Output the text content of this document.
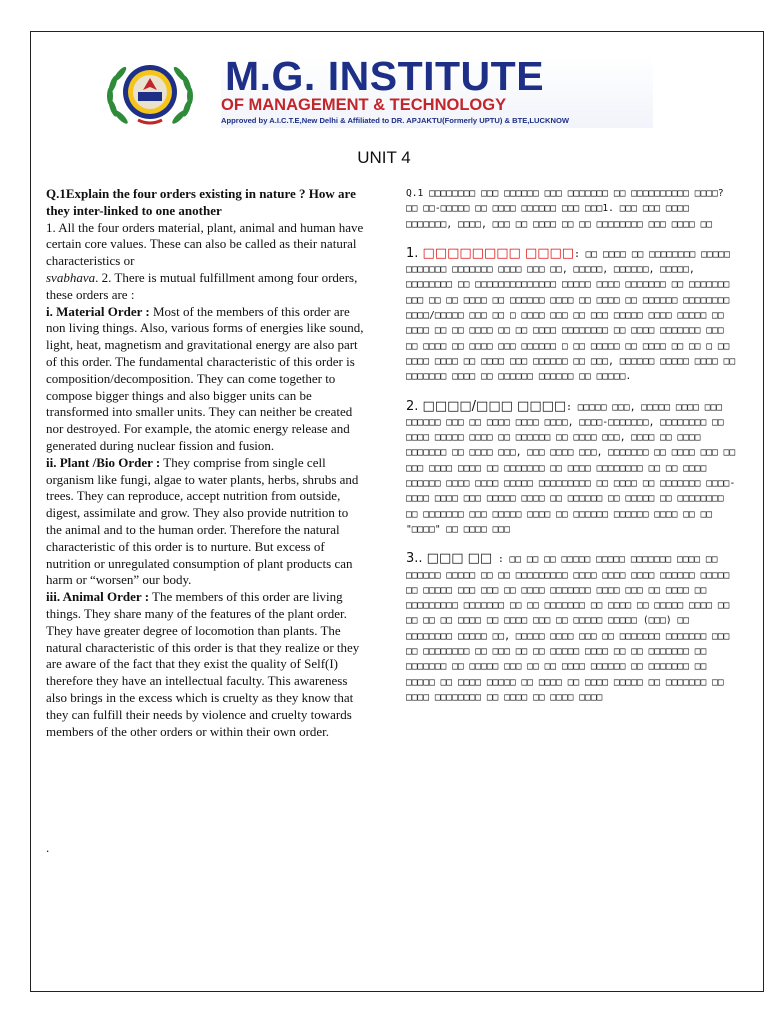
M.G. INSTITUTE
OF MANAGEMENT & TECHNOLOGY
Approved by A.I.C.T.E,New Delhi & Affiliated to DR. APJAKTU(Formerly UPTU) & BTE,LUCKNOW
UNIT 4

Q.1Explain the four orders existing in nature ? How are they inter-linked to one another

1. All the four orders material, plant, animal and human have certain core values. These can also be called as their natural characteristics or
svabhava. 2. There is mutual fulfillment among four orders, these orders are :

i. Material Order : Most of the members of this order are non living things. Also, various forms of energies like sound, light, heat, magnetism and gravitational energy are also part of this order. The fundamental characteristic of this order is composition/decomposition. They can come together to compose bigger things and also bigger units can be transformed into smaller units. They can neither be created nor destroyed. For example, the atomic energy release and generated during nuclear fission and fusion.

ii. Plant /Bio Order : They comprise from single cell organism like fungi, algae to water plants, herbs, shrubs and trees. They can reproduce, accept nutrition from outside, digest, assimilate and grow. They also provide nutrition to the animal and to the human order. Therefore the natural characteristic of this order is to nurture. But excess of nutrition or unregulated consumption of plant products can harm or “worsen” our body.

iii. Animal Order : The members of this order are living things. They share many of the features of the plant order. They have greater degree of locomotion than plants. The natural characteristic of this order is that they realize or they are aware of the fact that they exist the quality of Self(I) therefore they have an intellectual faculty. This awareness also brings in the excess which is cruelty as they know that they can fulfill their needs by violence and cruelty towards members of the other orders or within their own order.

.

Q.1 □□□□□□□□ □□□ □□□□□□ □□□ □□□□□□□ □□ □□□□□□□□□□ □□□□? □□ □□-□□□□□ □□ □□□□ □□□□□□ □□□ □□□1. □□□ □□□ □□□□ □□□□□□□, □□□□, □□□ □□ □□□□ □□ □□ □□□□□□□□ □□□ □□□□ □□

1. □□□□□□□□ □□□□: □□ □□□□ □□ □□□□□□□□ □□□□□ □□□□□□□ □□□□□□□ □□□□ □□□ □□, □□□□□, □□□□□□, □□□□□, □□□□□□□□ □□ □□□□□□□□□□□□□□ □□□□□ □□□□ □□□□□□□ □□ □□□□□□□ □□□ □□ □□ □□□□ □□ □□□□□□ □□□□ □□ □□□□ □□ □□□□□□ □□□□□□□□ □□□□/□□□□□ □□□ □□ □ □□□□ □□□ □□ □□□ □□□□□ □□□□ □□□□□ □□ □□□□ □□ □□ □□□□ □□ □□ □□□□ □□□□□□□□ □□ □□□□ □□□□□□□ □□□ □□ □□□□ □□ □□□□ □□□ □□□□□□ □ □□ □□□□□ □□ □□□□ □□ □□ □ □□ □□□□ □□□□ □□ □□□□ □□□ □□□□□□ □□ □□□, □□□□□□ □□□□□ □□□□ □□ □□□□□□□ □□□□ □□ □□□□□□ □□□□□□ □□ □□□□□.

2. □□□□/□□□ □□□□: □□□□□ □□□, □□□□□ □□□□ □□□ □□□□□□ □□□ □□ □□□□ □□□□ □□□□, □□□□-□□□□□□□, □□□□□□□□ □□ □□□□ □□□□□ □□□□ □□ □□□□□□ □□ □□□□ □□□, □□□□ □□ □□□□ □□□□□□□ □□ □□□□ □□□, □□□ □□□□ □□□, □□□□□□□ □□ □□□□ □□□ □□ □□□ □□□□ □□□□ □□ □□□□□□□ □□ □□□□ □□□□□□□□ □□ □□ □□□□ □□□□□□ □□□□ □□□□ □□□□□ □□□□□□□□□ □□ □□□□ □□ □□□□□□□ □□□□-□□□□ □□□□ □□□ □□□□□ □□□□ □□ □□□□□□ □□ □□□□□ □□ □□□□□□□□ □□ □□□□□□□ □□□ □□□□□ □□□□ □□ □□□□□□ □□□□□□ □□□□ □□ □□ "□□□□" □□ □□□□ □□□

3.. □□□ □□ : □□ □□ □□ □□□□□ □□□□□ □□□□□□□ □□□□ □□ □□□□□□ □□□□□ □□ □□ □□□□□□□□□ □□□□ □□□□ □□□□ □□□□□□ □□□□□ □□ □□□□□ □□□ □□□ □□ □□□□ □□□□□□□ □□□□ □□□ □□ □□□□ □□ □□□□□□□□□ □□□□□□□ □□ □□ □□□□□□□ □□ □□□□ □□ □□□□□ □□□□ □□ □□ □□ □□ □□□□ □□ □□□□ □□□ □□ □□□□□ □□□□□ (□□□) □□ □□□□□□□□ □□□□□ □□, □□□□□ □□□□ □□□ □□ □□□□□□□ □□□□□□□ □□□ □□ □□□□□□□□ □□ □□□ □□ □□ □□□□□ □□□□ □□ □□ □□□□□□□ □□ □□□□□□□ □□ □□□□□ □□□ □□ □□ □□□□ □□□□□□ □□ □□□□□□□ □□ □□□□□ □□ □□□□ □□□□□ □□ □□□□ □□ □□□□ □□□□□ □□ □□□□□□□ □□ □□□□ □□□□□□□□ □□ □□□□ □□ □□□□ □□□□
